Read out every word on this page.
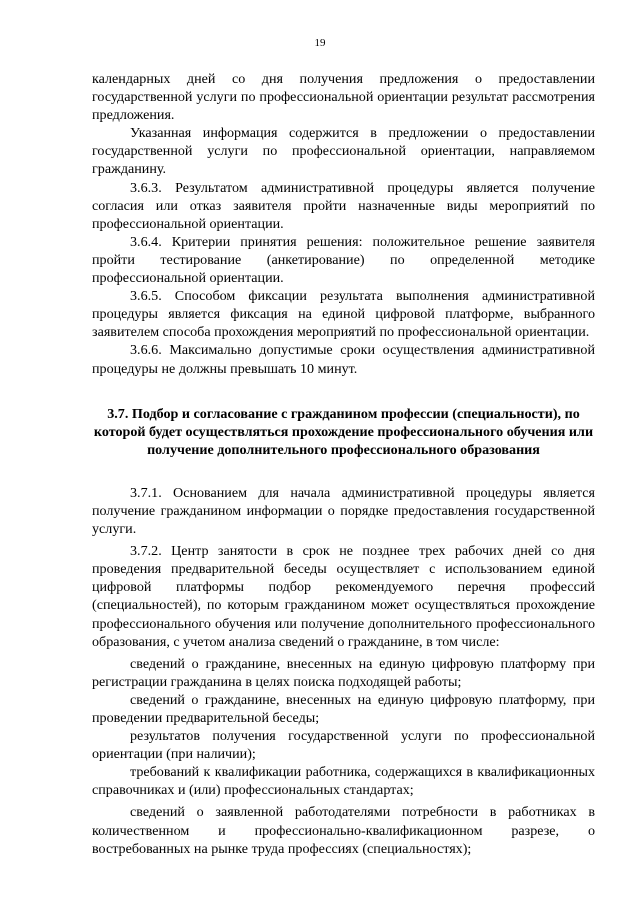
19

календарных дней со дня получения предложения о предоставлении государственной услуги по профессиональной ориентации результат рассмотрения предложения.

Указанная информация содержится в предложении о предоставлении государственной услуги по профессиональной ориентации, направляемом гражданину.

3.6.3. Результатом административной процедуры является получение согласия или отказ заявителя пройти назначенные виды мероприятий по профессиональной ориентации.

3.6.4. Критерии принятия решения: положительное решение заявителя пройти тестирование (анкетирование) по определенной методике профессиональной ориентации.

3.6.5. Способом фиксации результата выполнения административной процедуры является фиксация на единой цифровой платформе, выбранного заявителем способа прохождения мероприятий по профессиональной ориентации.

3.6.6. Максимально допустимые сроки осуществления административной процедуры не должны превышать 10 минут.

3.7. Подбор и согласование с гражданином профессии (специальности), по которой будет осуществляться прохождение профессионального обучения или получение дополнительного профессионального образования

3.7.1. Основанием для начала административной процедуры является получение гражданином информации о порядке предоставления государственной услуги.

3.7.2. Центр занятости в срок не позднее трех рабочих дней со дня проведения предварительной беседы осуществляет с использованием единой цифровой платформы подбор рекомендуемого перечня профессий (специальностей), по которым гражданином может осуществляться прохождение профессионального обучения или получение дополнительного профессионального образования, с учетом анализа сведений о гражданине, в том числе:

сведений о гражданине, внесенных на единую цифровую платформу при регистрации гражданина в целях поиска подходящей работы;

сведений о гражданине, внесенных на единую цифровую платформу, при проведении предварительной беседы;

результатов получения государственной услуги по профессиональной ориентации (при наличии);

требований к квалификации работника, содержащихся в квалификационных справочниках и (или) профессиональных стандартах;

сведений о заявленной работодателями потребности в работниках в количественном и профессионально-квалификационном разрезе, о востребованных на рынке труда профессиях (специальностях);
